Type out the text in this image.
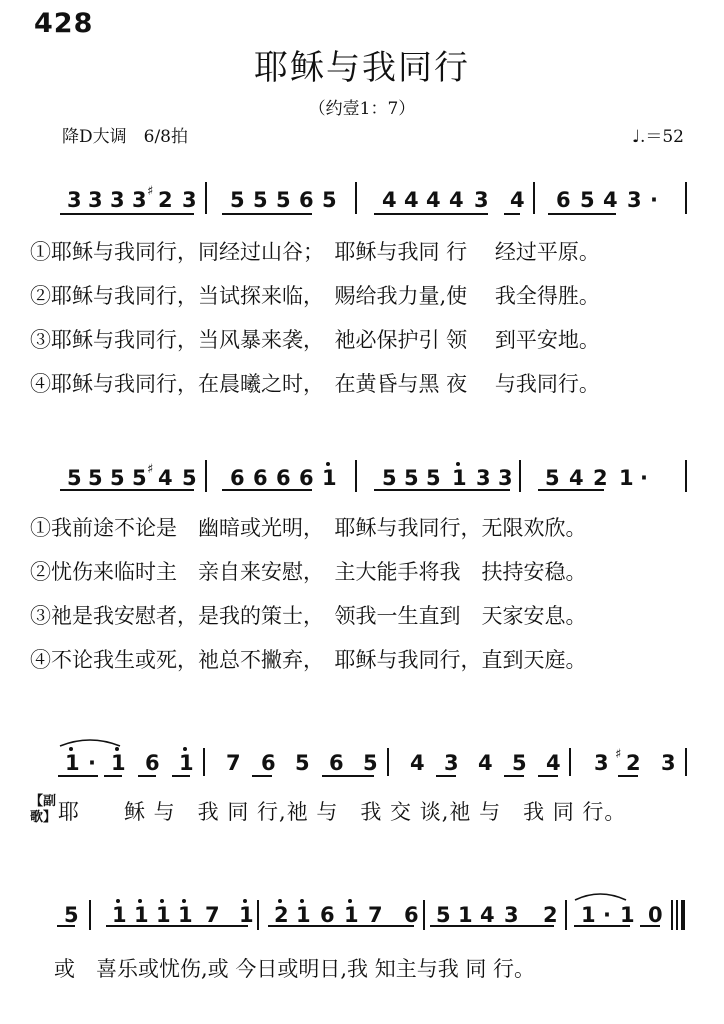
428
耶稣与我同行
（约壹1：7）
降D大调　6/8拍	♩.＝52
3 3 3 3 ♯ 2 3 5 5 5 6 5 4 4 4 4 3 4 6 5 4 3 ·
5 5 5 5 ♯ 4 5 6 6 6 6 1 5 5 5 1 3 3 5 4 2 1 ·
1 · 1 6 1 7 6 5 6 5 4 3 4 5 4 3 ♯ 2 3
5 1 1 1 1 7 1 2 1 6 1 7 6 5 1 4 3 2 1 · 1 0
①耶稣与我同行，同经过山谷；　耶稣与我同 行　 经过平原。
②耶稣与我同行，当试探来临，　赐给我力量,使　 我全得胜。
③耶稣与我同行，当风暴来袭，　祂必保护引 领　 到平安地。
④耶稣与我同行，在晨曦之时，　在黄昏与黑 夜　 与我同行。
①我前途不论是　幽暗或光明，　耶稣与我同行，无限欢欣。
②忧伤来临时主　亲自来安慰，　主大能手将我　扶持安稳。
③祂是我安慰者，是我的策士，　领我一生直到　天家安息。
④不论我生或死，祂总不撇弃，　耶稣与我同行，直到天庭。
【副歌】 耶　　稣 与　我 同 行,祂 与　我 交 谈,祂 与　我 同 行。
或　喜乐或忧伤,或 今日或明日,我 知主与我 同 行。
